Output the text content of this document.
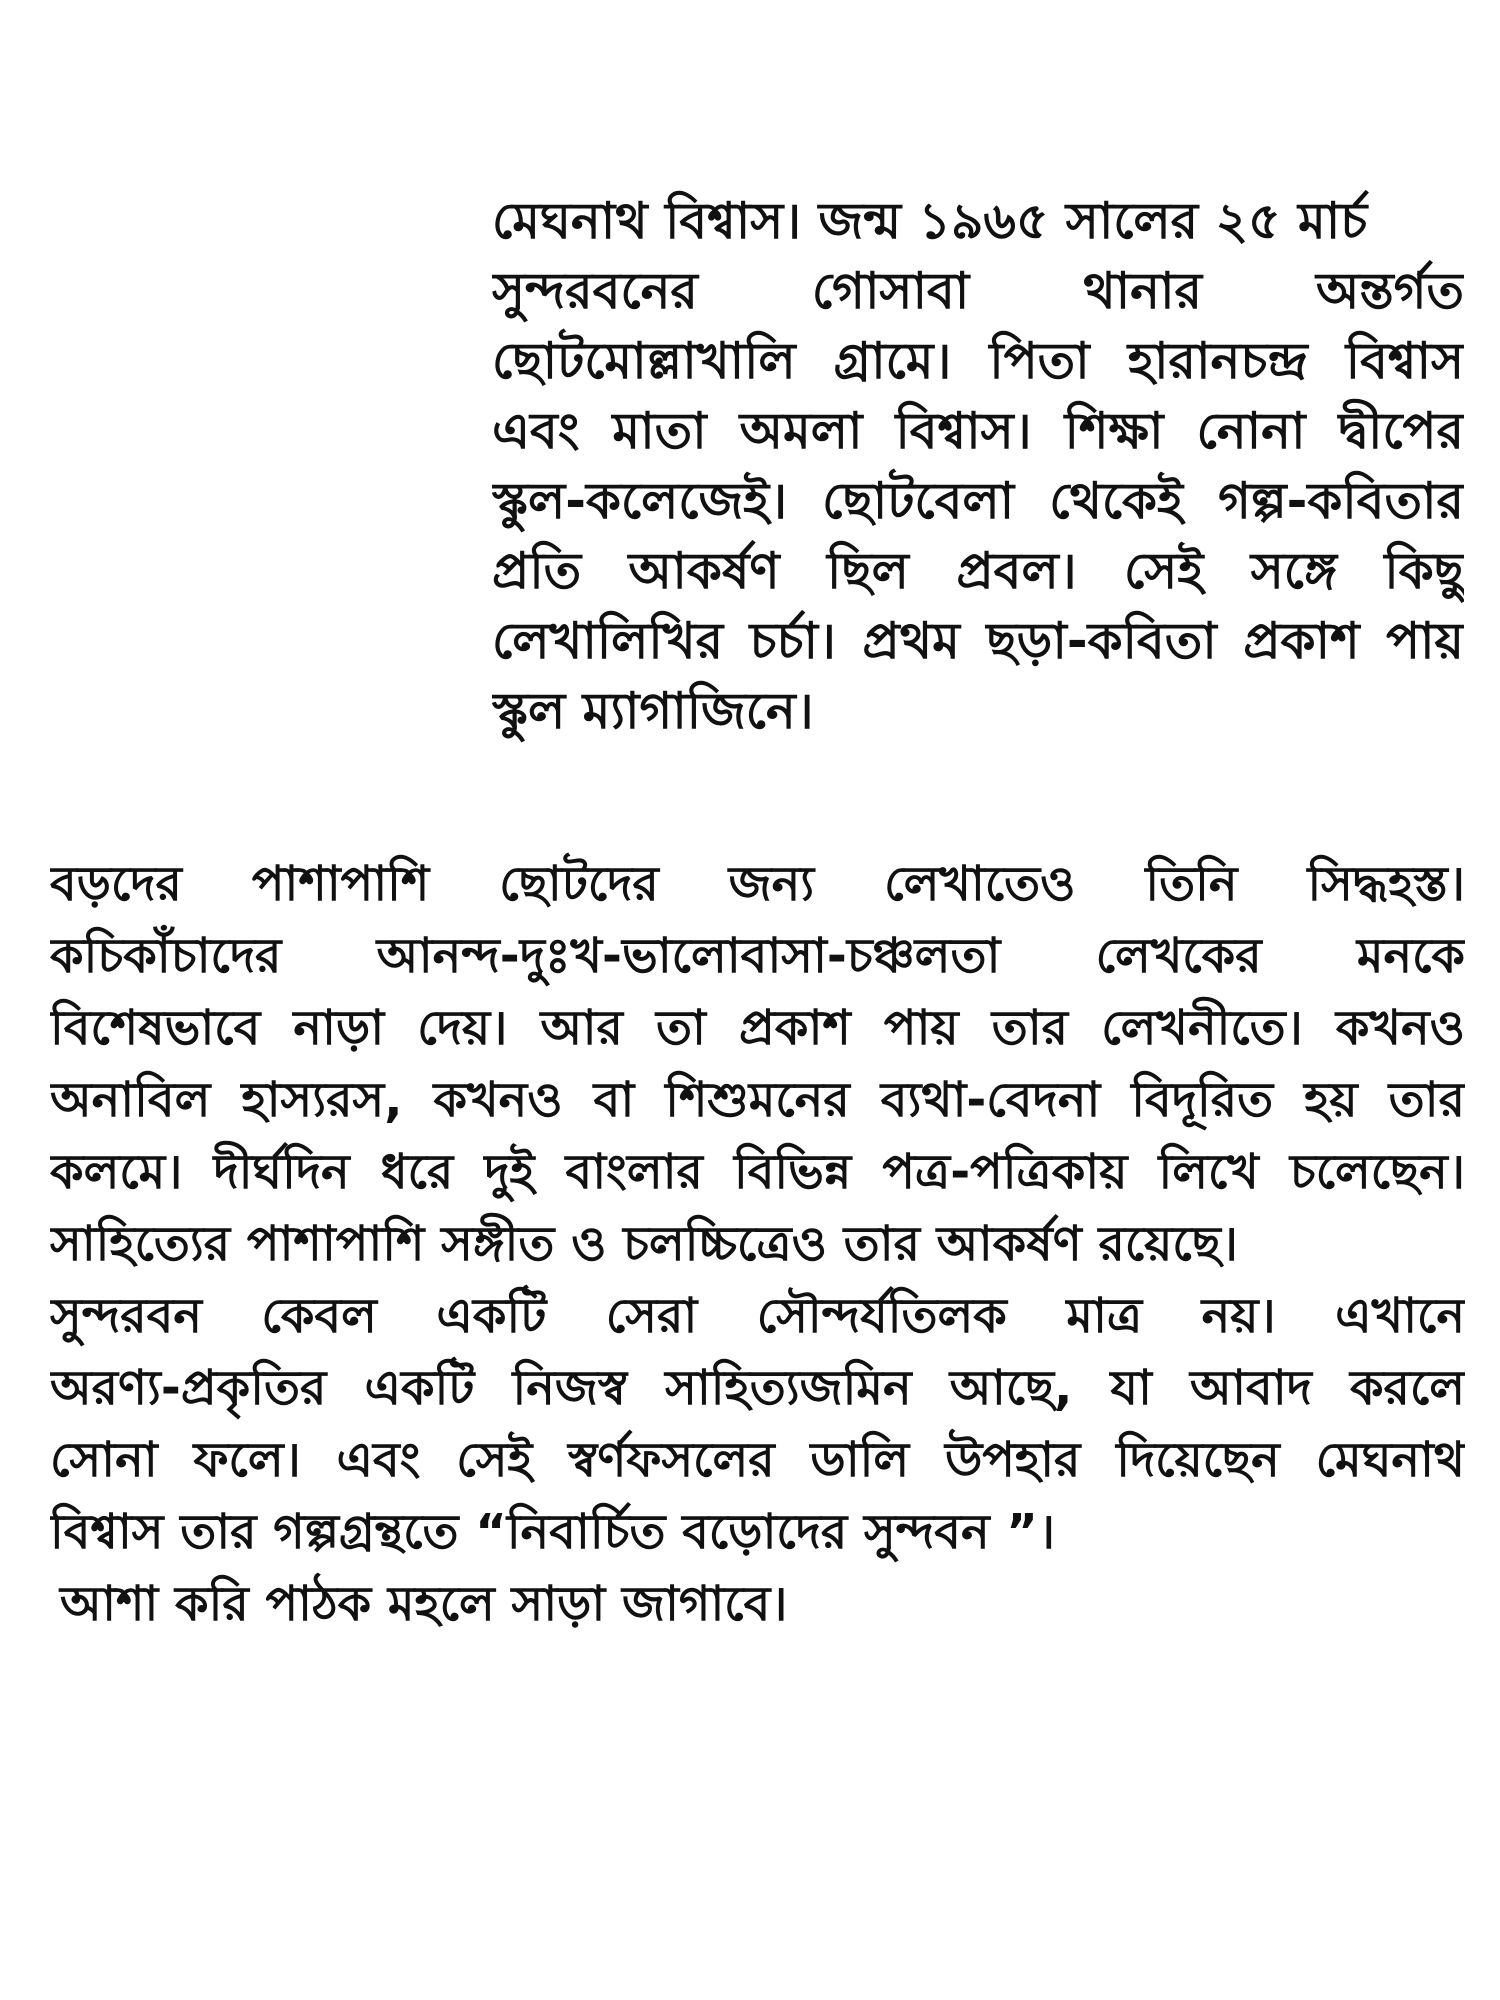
মেঘনাথ বিশ্বাস। জন্ম ১৯৬৫ সালের ২৫ মার্চ
সুন্দরবনের গোসাবা থানার অন্তর্গত
ছোটমোল্লাখালি গ্রামে। পিতা হারানচন্দ্র বিশ্বাস
এবং মাতা অমলা বিশ্বাস। শিক্ষা নোনা দ্বীপের
স্কুল-কলেজেই। ছোটবেলা থেকেই গল্প-কবিতার
প্রতি আকর্ষণ ছিল প্রবল। সেই সঙ্গে কিছু
লেখালিখির চর্চা। প্রথম ছড়া-কবিতা প্রকাশ পায়
স্কুল ম্যাগাজিনে।
বড়দের পাশাপাশি ছোটদের জন্য লেখাতেও তিনি সিদ্ধহস্ত।
কচিকাঁচাদের আনন্দ-দুঃখ-ভালোবাসা-চঞ্চলতা লেখকের মনকে
বিশেষভাবে নাড়া দেয়। আর তা প্রকাশ পায় তার লেখনীতে। কখনও
অনাবিল হাস্যরস, কখনও বা শিশুমনের ব্যথা-বেদনা বিদূরিত হয় তার
কলমে। দীর্ঘদিন ধরে দুই বাংলার বিভিন্ন পত্র-পত্রিকায় লিখে চলেছেন।
সাহিত্যের পাশাপাশি সঙ্গীত ও চলচ্চিত্রেও তার আকর্ষণ রয়েছে।
সুন্দরবন কেবল একটি সেরা সৌন্দর্যতিলক মাত্র নয়। এখানে
অরণ্য-প্রকৃতির একটি নিজস্ব সাহিত্যজমিন আছে, যা আবাদ করলে
সোনা ফলে। এবং সেই স্বর্ণফসলের ডালি উপহার দিয়েছেন মেঘনাথ
বিশ্বাস তার গল্পগ্রন্থতে “নিবার্চিত বড়োদের সুন্দবন ”।
আশা করি পাঠক মহলে সাড়া জাগাবে।
